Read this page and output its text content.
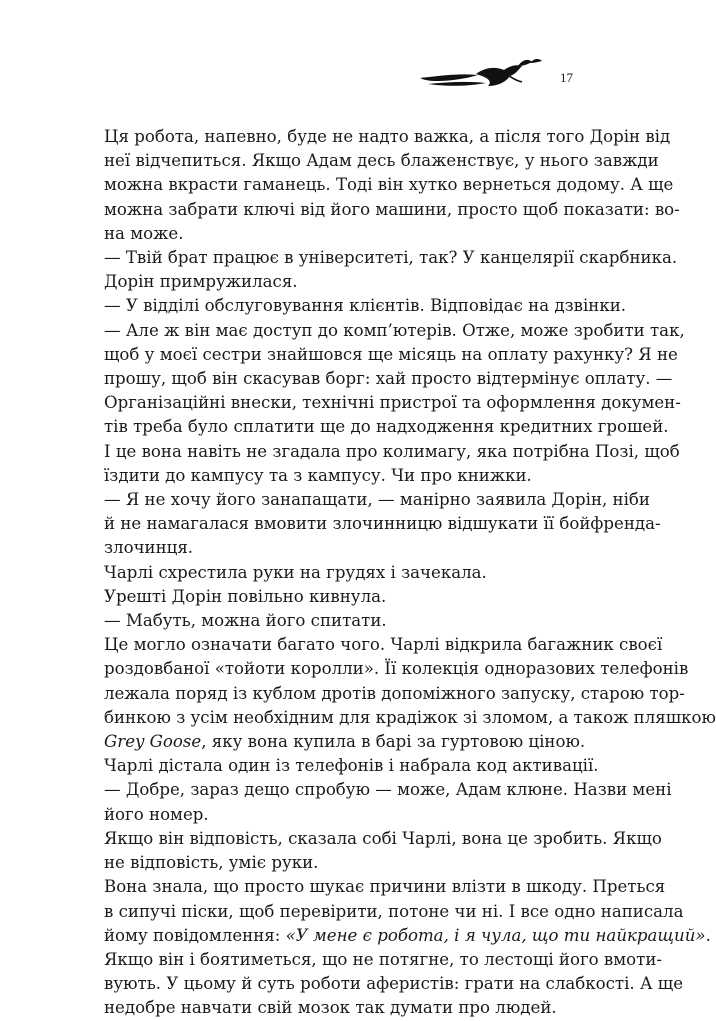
17
Ця робота, напевно, буде не надто важка, а після того Дорін від
неї відчепиться. Якщо Адам десь блаженствує, у нього завжди
можна вкрасти гаманець. Тоді він хутко вернеться додому. А ще
можна забрати ключі від його машини, просто щоб показати: во-
на може.
— Твій брат працює в університеті, так? У канцелярії скарбника.
Дорін примружилася.
— У відділі обслуговування клієнтів. Відповідає на дзвінки.
— Але ж він має доступ до комп’ютерів. Отже, може зробити так,
щоб у моєї сестри знайшовся ще місяць на оплату рахунку? Я не
прошу, щоб він скасував борг: хай просто відтермінує оплату. —
Організаційні внески, технічні пристрої та оформлення докумен-
тів треба було сплатити ще до надходження кредитних грошей.
І це вона навіть не згадала про колимагу, яка потрібна Позі, щоб
їздити до кампусу та з кампусу. Чи про книжки.
— Я не хочу його занапащати, — манірно заявила Дорін, ніби
й не намагалася вмовити злочинницю відшукати її бойфренда-
злочинця.
Чарлі схрестила руки на грудях і зачекала.
Урешті Дорін повільно кивнула.
— Мабуть, можна його спитати.
Це могло означати багато чого. Чарлі відкрила багажник своєї
роздовбаної «тойоти королли». Її колекція одноразових телефонів
лежала поряд із кублом дротів допоміжного запуску, старою тор-
бинкою з усім необхідним для крадіжок зі зломом, а також пляшкою
Grey Goose, яку вона купила в барі за гуртовою ціною.
Чарлі дістала один із телефонів і набрала код активації.
— Добре, зараз дещо спробую — може, Адам клюне. Назви мені
його номер.
Якщо він відповість, сказала собі Чарлі, вона це зробить. Якщо
не відповість, уміє руки.
Вона знала, що просто шукає причини влізти в шкоду. Преться
в сипучі піски, щоб перевірити, потоне чи ні. І все одно написала
йому повідомлення: «У мене є робота, і я чула, що ти найкращий».
Якщо він і боятиметься, що не потягне, то лестощі його вмоти-
вують. У цьому й суть роботи аферистів: грати на слабкості. А ще
недобре навчати свій мозок так думати про людей.
